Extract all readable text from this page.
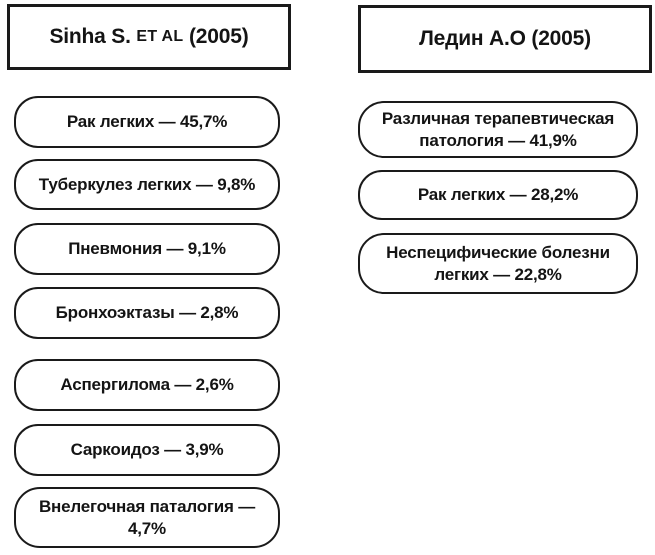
Sinha S.
ET AL
(2005)
Рак легких — 45,7%
Туберкулез легких — 9,8%
Пневмония — 9,1%
Бронхоэктазы — 2,8%
Аспергилома — 2,6%
Саркоидоз — 3,9%
Внелегочная паталогия — 4,7%
Ледин А.О (2005)
Различная терапевтическая патология — 41,9%
Рак легких — 28,2%
Неспецифические болезни легких — 22,8%
